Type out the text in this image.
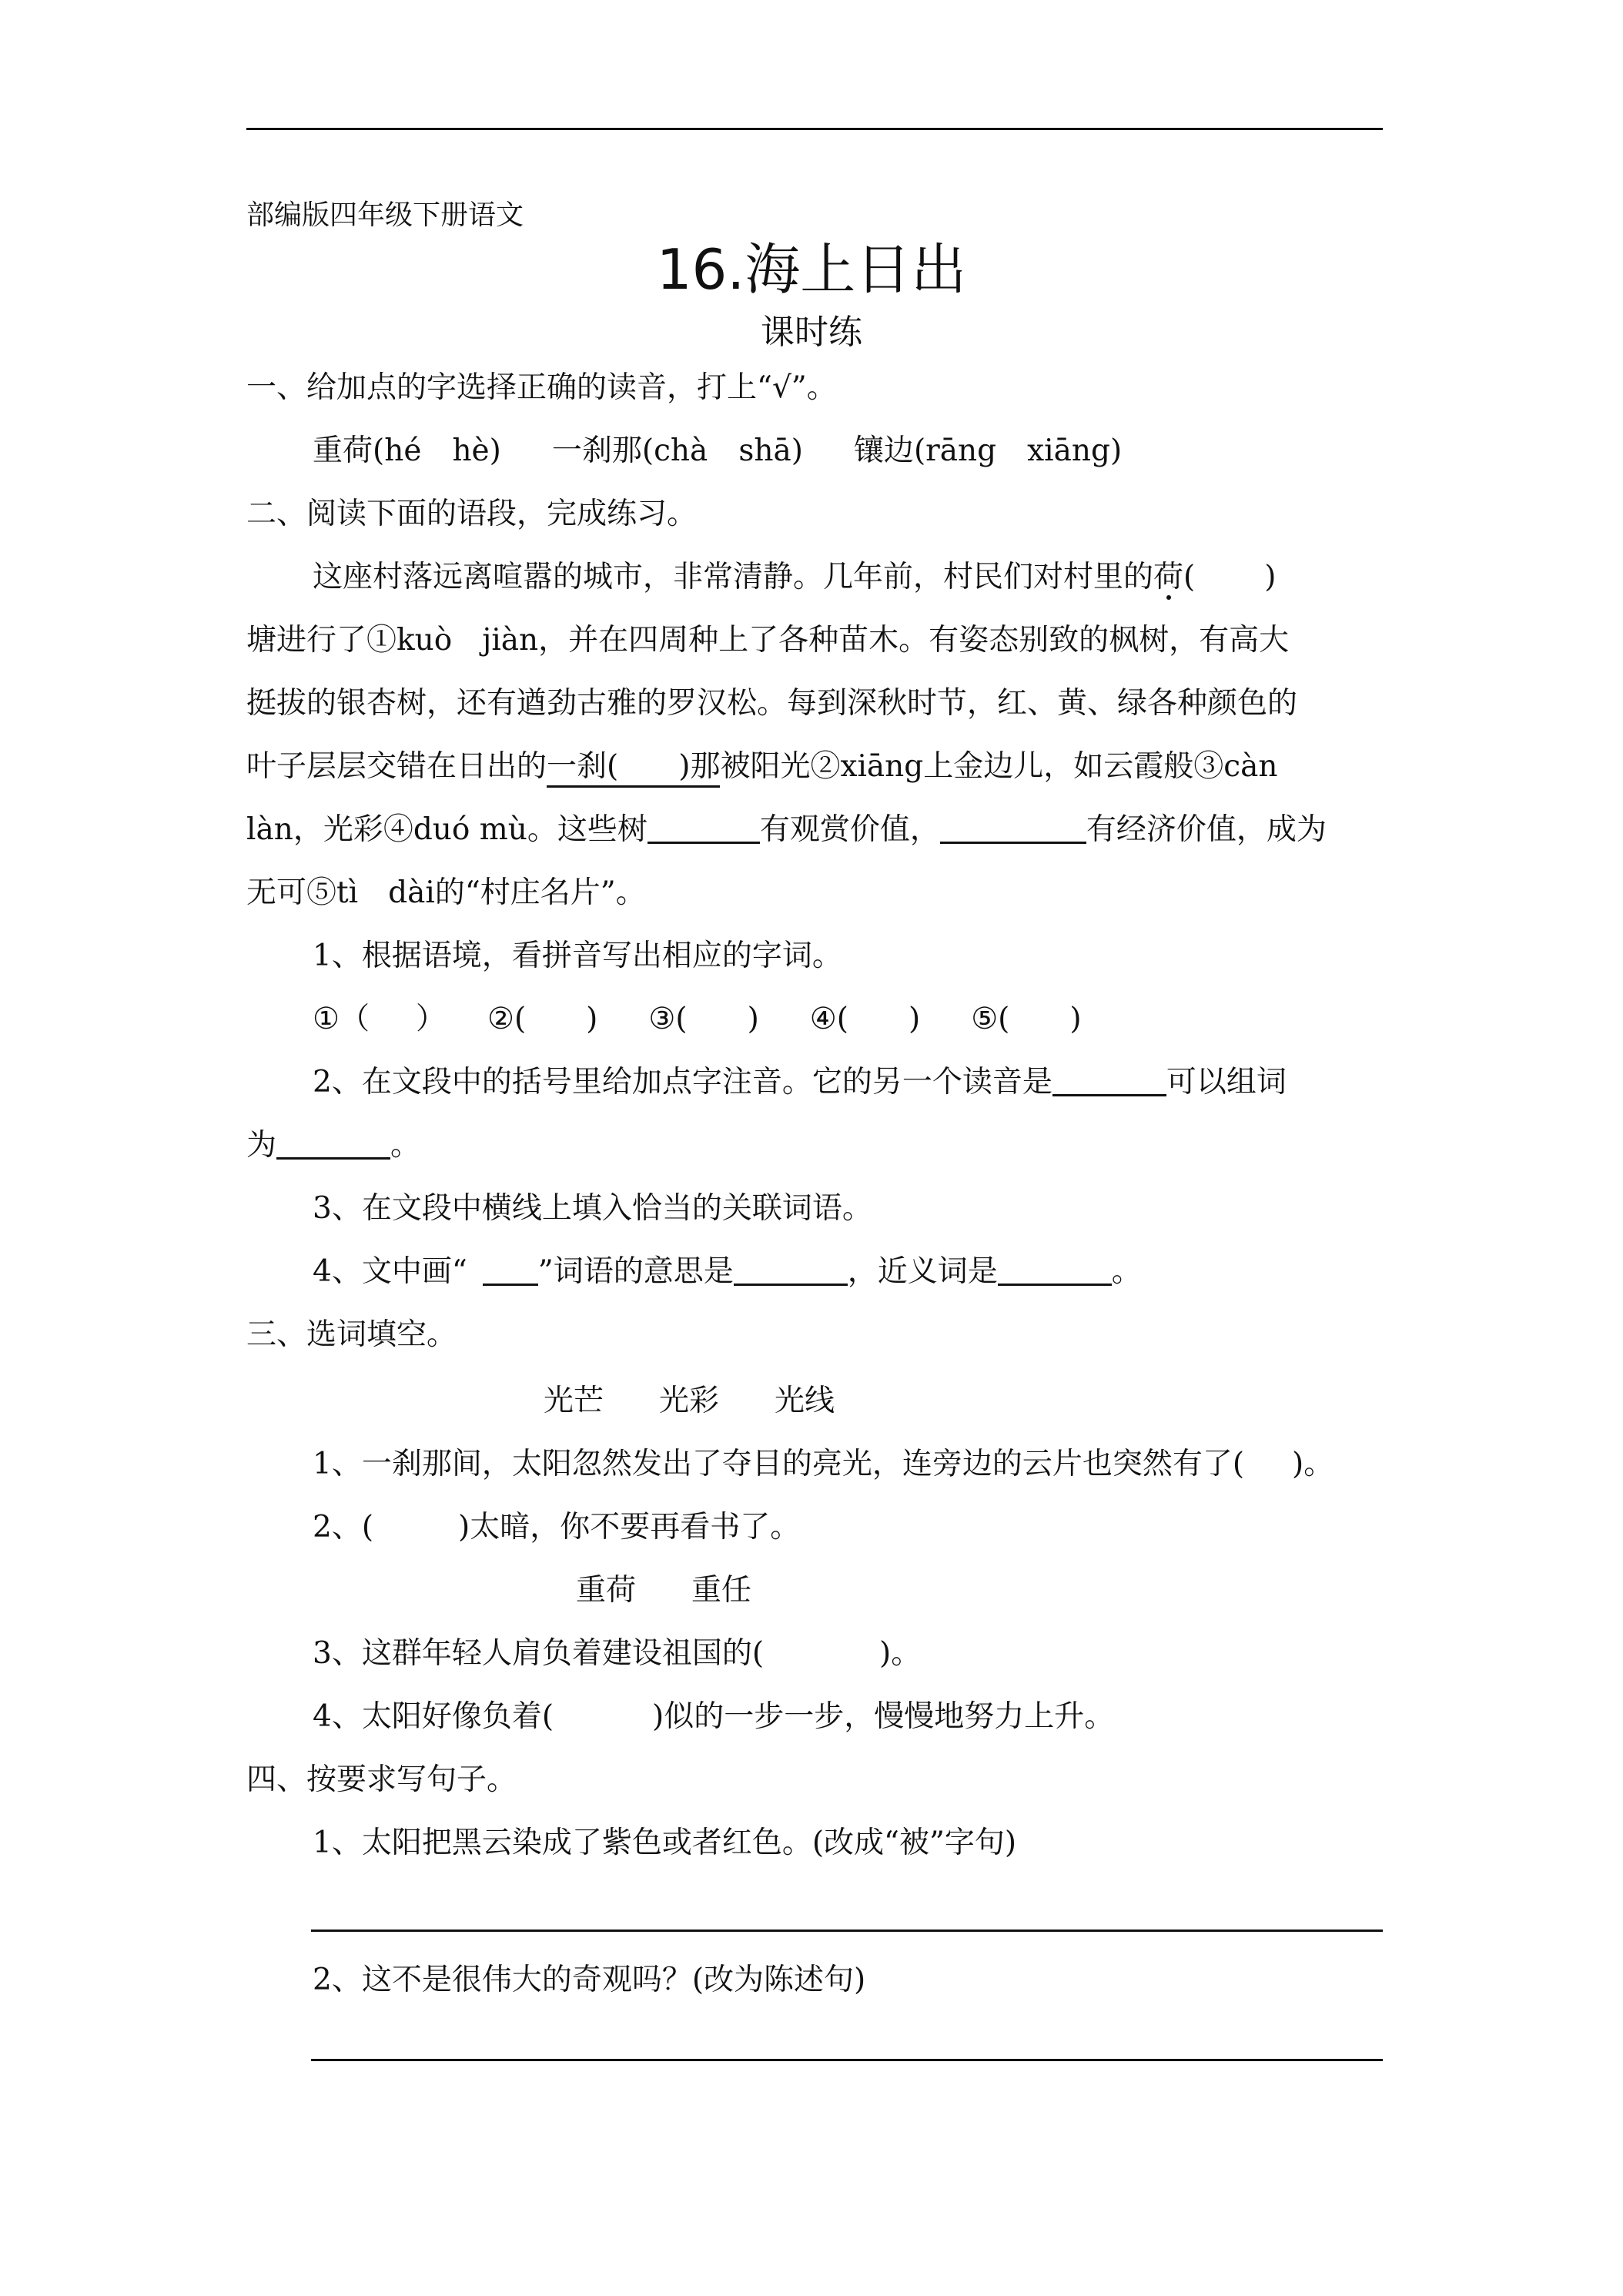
部编版四年级下册语文
16.海上日出
课时练
一、给加点的字选择正确的读音，打上“√”。
重荷(hé hè) 一刹那(chà shā) 镶边(rāng xiāng)
二、阅读下面的语段，完成练习。
这座村落远离喧嚣的城市，非常清静。几年前，村民们对村里的荷( )
塘进行了①kuò　jiàn，并在四周种上了各种苗木。有姿态别致的枫树，有高大
挺拔的银杏树，还有遒劲古雅的罗汉松。每到深秋时节，红、黄、绿各种颜色的
叶子层层交错在日出的一刹(　　)那被阳光②xiāng上金边儿，如云霞般③càn
làn，光彩④duó mù。这些树	有观赏价值，	有经济价值，成为
无可⑤tì　dài的“村庄名片”。
1、根据语境，看拼音写出相应的字词。
①（ ） ②( ) ③( ) ④( ) ⑤( )
2、在文段中的括号里给加点字注音。它的另一个读音是	可以组词
为	。
3、在文段中横线上填入恰当的关联词语。
4、文中画“ ”词语的意思是	，近义词是	。
三、选词填空。
光芒 光彩 光线
1、一刹那间，太阳忽然发出了夺目的亮光，连旁边的云片也突然有了( )。
2、(	)太暗，你不要再看书了。
重荷 重任
3、这群年轻人肩负着建设祖国的(	)。
4、太阳好像负着(	)似的一步一步，慢慢地努力上升。
四、按要求写句子。
1、太阳把黑云染成了紫色或者红色。(改成“被”字句)
2、这不是很伟大的奇观吗？(改为陈述句)
